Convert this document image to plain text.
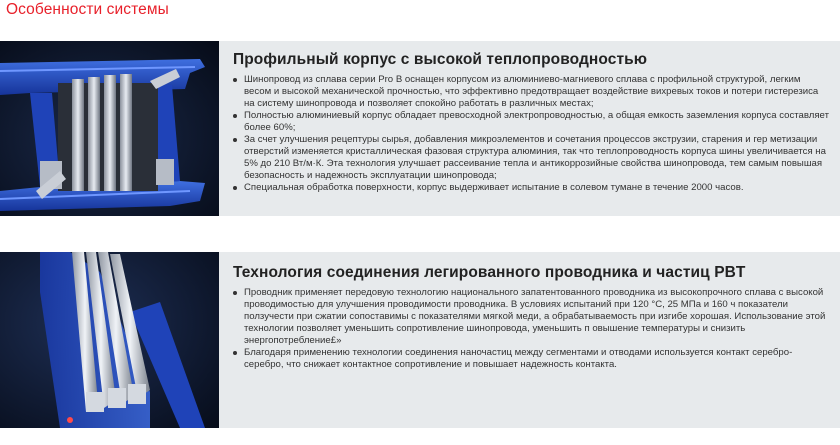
Особенности системы
Профильный корпус с высокой теплопроводностью
Шинопровод из сплава серии Pro B оснащен корпусом из алюминиево-магниевого сплава с профильной структурой, легким весом и высокой механической прочностью, что эффективно предотвращает воздействие вихревых токов и потери гистерезиса на систему шинопровода и позволяет спокойно работать в различных местах;
Полностью алюминиевый корпус обладает превосходной электропроводностью, а общая емкость заземления корпуса составляет более 60%;
За счет улучшения рецептуры сырья, добавления микроэлементов и сочетания процессов экструзии, старения и гер метизации отверстий изменяется кристаллическая фазовая структура алюминия, так что теплопроводность корпуса шины увеличивается на 5% до 210 Вт/м·К. Эта технология улучшает рассеивание тепла и антикоррозийные свойства шинопровода, тем самым повышая безопасность и надежность эксплуатации шинопровода;
Специальная обработка поверхности, корпус выдерживает испытание в солевом тумане в течение 2000 часов.
Технология соединения легированного проводника и частиц PBT
Проводник применяет передовую технологию национального запатентованного проводника из высокопрочного сплава с высокой проводимостью для улучшения проводимости проводника. В условиях испытаний при 120 °C, 25 МПа и 160 ч показатели ползучести при сжатии сопоставимы с показателями мягкой меди, а обрабатываемость при изгибе хорошая. Использование этой технологии позволяет уменьшить сопротивление шинопровода, уменьшить п овышение температуры и снизить энергопотребление£»
Благодаря применению технологии соединения наночастиц между сегментами и отводами используется контакт серебро-серебро, что снижает контактное сопротивление и повышает надежность контакта.
